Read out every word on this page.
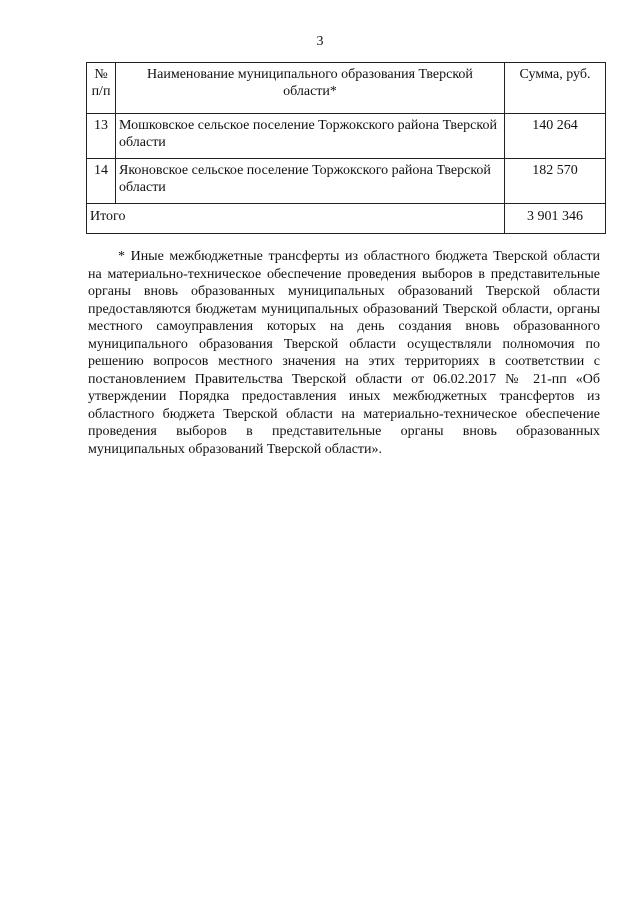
3
№ п/п	Наименование муниципального образования Тверской области*	Сумма, руб.
13	Мошковское сельское поселение Торжокского района Тверской области	140 264
14	Яконовское сельское поселение Торжокского района Тверской области	182 570
Итого		3 901 346

* Иные межбюджетные трансферты из областного бюджета Тверской области на материально-техническое обеспечение проведения выборов в представительные органы вновь образованных муниципальных образований Тверской области предоставляются бюджетам муниципальных образований Тверской области, органы местного самоуправления которых на день создания вновь образованного муниципального образования Тверской области осуществляли полномочия по решению вопросов местного значения на этих территориях в соответствии с постановлением Правительства Тверской области от 06.02.2017 № 21-пп «Об утверждении Порядка предоставления иных межбюджетных трансфертов из областного бюджета Тверской области на материально-техническое обеспечение проведения выборов в представительные органы вновь образованных муниципальных образований Тверской области».
